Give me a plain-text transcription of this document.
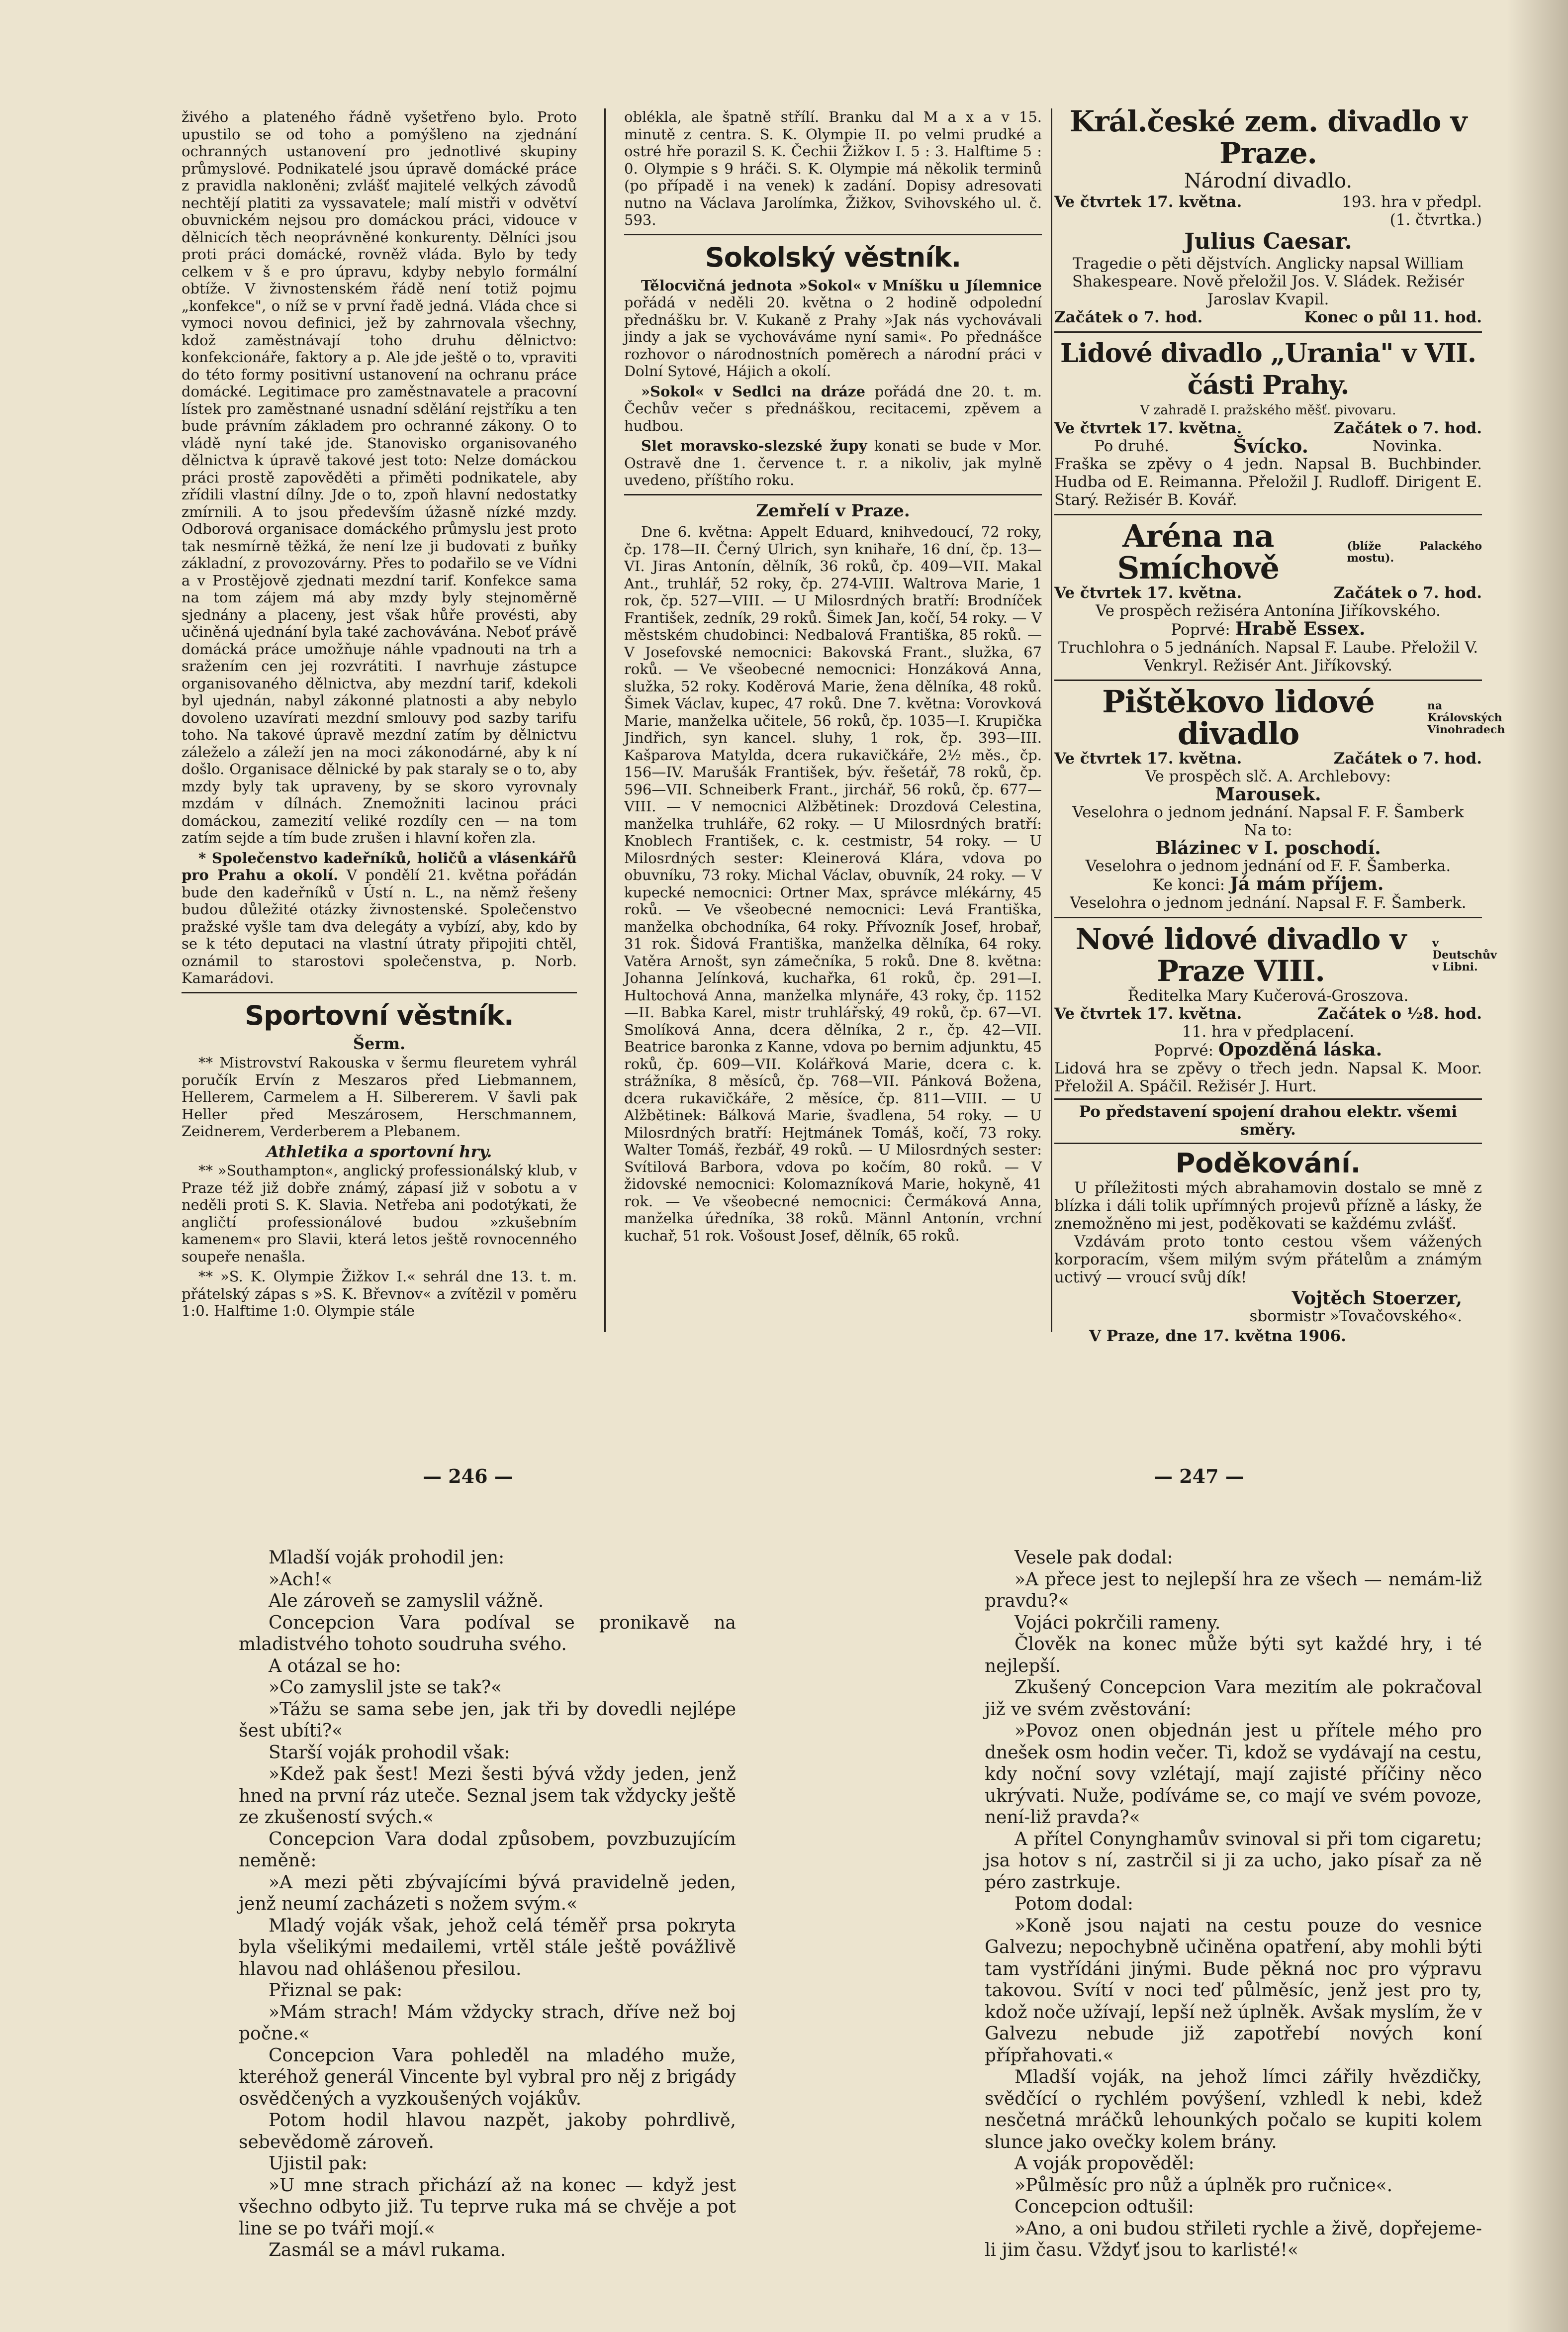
živého a plateného řádně vyšetřeno bylo. Proto upustilo se od toho a pomýšleno na zjednání ochranných ustanovení pro jednotlivé skupiny průmyslové. Podnikatelé jsou úpravě domácké práce z pravidla nakloněni; zvlášť majitelé velkých závodů nechtějí platiti za vyssavatele; malí mistři v odvětví obuvnickém nejsou pro domáckou práci, vidouce v dělnicích těch neoprávněné konkurenty. Dělníci jsou proti práci domácké, rovněž vláda. Bylo by tedy celkem v š e pro úpravu, kdyby nebylo formální obtíže. V živnostenském řádě není totiž pojmu „konfekce", o níž se v první řadě jedná. Vláda chce si vymoci novou definici, jež by zahrnovala všechny, kdož zaměstnávají toho druhu dělnictvo: konfekcionáře, faktory a p. Ale jde ještě o to, vpraviti do této formy positivní ustanovení na ochranu práce domácké. Legitimace pro zaměstnavatele a pracovní lístek pro zaměstnané usnadní sdělání rejstříku a ten bude právním základem pro ochranné zákony. O to vládě nyní také jde. Stanovisko organisovaného dělnictva k úpravě takové jest toto: Nelze domáckou práci prostě zapověděti a přiměti podnikatele, aby zřídili vlastní dílny. Jde o to, zpoň hlavní nedostatky zmírnili. A to jsou především úžasně nízké mzdy. Odborová organisace domáckého průmyslu jest proto tak nesmírně těžká, že není lze ji budovati z buňky základní, z provozovárny. Přes to podařilo se ve Vídni a v Prostějově zjednati mezdní tarif. Konfekce sama na tom zájem má aby mzdy byly stejnoměrně sjednány a placeny, jest však hůře provésti, aby učiněná ujednání byla také zachovávána. Neboť právě domácká práce umožňuje náhle vpadnouti na trh a sražením cen jej rozvrátiti. I navrhuje zástupce organisovaného dělnictva, aby mezdní tarif, kdekoli byl ujednán, nabyl zákonné platnosti a aby nebylo dovoleno uzavírati mezdní smlouvy pod sazby tarifu toho. Na takové úpravě mezdní zatím by dělnictvu záleželo a záleží jen na moci zákonodárné, aby k ní došlo. Organisace dělnické by pak staraly se o to, aby mzdy byly tak upraveny, by se skoro vyrovnaly mzdám v dílnách. Znemožniti lacinou práci domáckou, zamezití veliké rozdíly cen — na tom zatím sejde a tím bude zrušen i hlavní kořen zla.

* Společenstvo kadeřníků, holičů a vlásenkářů pro Prahu a okolí. V pondělí 21. května pořádán bude den kadeřníků v Ústí n. L., na němž řešeny budou důležité otázky živnostenské. Společenstvo pražské vyšle tam dva delegáty a vybízí, aby, kdo by se k této deputaci na vlastní útraty připojiti chtěl, oznámil to starostovi společenstva, p. Norb. Kamarádovi.

Sportovní věstník.
Šerm.

** Mistrovství Rakouska v šermu fleuretem vyhrál poručík Ervín z Meszaros před Liebmannem, Hellerem, Carmelem a H. Silbererem. V šavli pak Heller před Meszárosem, Herschmannem, Zeidnerem, Verderberem a Plebanem.

Athletika a sportovní hry.

** »Southampton«, anglický professionálský klub, v Praze též již dobře známý, zápasí již v sobotu a v neděli proti S. K. Slavia. Netřeba ani podotýkati, že angličtí professionálové budou »zkušebním kamenem« pro Slavii, která letos ještě rovnocenného soupeře nenašla.

** »S. K. Olympie Žižkov I.« sehrál dne 13. t. m. přátelský zápas s »S. K. Břevnov« a zvítězil v poměru 1:0. Halftime 1:0. Olympie stále

oblékla, ale špatně střílí. Branku dal M a x a v 15. minutě z centra. S. K. Olympie II. po velmi prudké a ostré hře porazil S. K. Čechii Žižkov I. 5 : 3. Halftime 5 : 0. Olympie s 9 hráči. S. K. Olympie má několik terminů (po případě i na venek) k zadání. Dopisy adresovati nutno na Václava Jarolímka, Žižkov, Svihovského ul. č. 593.

Sokolský věstník.

Tělocvičná jednota »Sokol« v Mníšku u Jílemnice pořádá v neděli 20. května o 2 hodině odpolední přednášku br. V. Kukaně z Prahy »Jak nás vychovávali jindy a jak se vychováváme nyní sami«. Po přednášce rozhovor o národnostních poměrech a národní práci v Dolní Sytové, Hájich a okolí.

»Sokol« v Sedlci na dráze pořádá dne 20. t. m. Čechův večer s přednáškou, recitacemi, zpěvem a hudbou.

Slet moravsko-slezské župy konati se bude v Mor. Ostravě dne 1. července t. r. a nikoliv, jak mylně uvedeno, příštího roku.

Zemřelí v Praze.

Dne 6. května: Appelt Eduard, knihvedoucí, 72 roky, čp. 178—II. Černý Ulrich, syn knihaře, 16 dní, čp. 13—VI. Jiras Antonín, dělník, 36 roků, čp. 409—VII. Makal Ant., truhlář, 52 roky, čp. 274-VIII. Waltrova Marie, 1 rok, čp. 527—VIII. — U Milosrdných bratří: Brodníček František, zedník, 29 roků. Šimek Jan, kočí, 54 roky. — V městském chudobinci: Nedbalová Františka, 85 roků. — V Josefovské nemocnici: Bakovská Frant., služka, 67 roků. — Ve všeobecné nemocnici: Honzáková Anna, služka, 52 roky. Koděrová Marie, žena dělníka, 48 roků. Šimek Václav, kupec, 47 roků. Dne 7. května: Vorovková Marie, manželka učitele, 56 roků, čp. 1035—I. Krupička Jindřich, syn kancel. sluhy, 1 rok, čp. 393—III. Kašparova Matylda, dcera rukavičkáře, 2½ měs., čp. 156—IV. Marušák František, býv. řešetář, 78 roků, čp. 596—VII. Schneiberk Frant., jirchář, 56 roků, čp. 677—VIII. — V nemocnici Alžbětinek: Drozdová Celestina, manželka truhláře, 62 roky. — U Milosrdných bratří: Knoblech František, c. k. cestmistr, 54 roky. — U Milosrdných sester: Kleinerová Klára, vdova po obuvníku, 73 roky. Michal Václav, obuvník, 24 roky. — V kupecké nemocnici: Ortner Max, správce mlékárny, 45 roků. — Ve všeobecné nemocnici: Levá Františka, manželka obchodníka, 64 roky. Přívozník Josef, hrobař, 31 rok. Šidová Františka, manželka dělníka, 64 roky. Vatěra Arnošt, syn zámečníka, 5 roků. Dne 8. května: Johanna Jelínková, kuchařka, 61 roků, čp. 291—I. Hultochová Anna, manželka mlynáře, 43 roky, čp. 1152—II. Babka Karel, mistr truhlářský, 49 roků, čp. 67—VI. Smolíková Anna, dcera dělníka, 2 r., čp. 42—VII. Beatrice baronka z Kanne, vdova po bernim adjunktu, 45 roků, čp. 609—VII. Kolářková Marie, dcera c. k. strážníka, 8 měsíců, čp. 768—VII. Pánková Božena, dcera rukavičkáře, 2 měsíce, čp. 811—VIII. — U Alžbětinek: Bálková Marie, švadlena, 54 roky. — U Milosrdných bratří: Hejtmánek Tomáš, kočí, 73 roky. Walter Tomáš, řezbář, 49 roků. — U Milosrdných sester: Svítilová Barbora, vdova po kočím, 80 roků. — V židovské nemocnici: Kolomazníková Marie, hokyně, 41 rok. — Ve všeobecné nemocnici: Čermáková Anna, manželka úředníka, 38 roků. Männl Antonín, vrchní kuchař, 51 rok. Vošoust Josef, dělník, 65 roků.

Král.české zem. divadlo v Praze.
Národní divadlo.
Ve čtvrtek 17. května.	193. hra v předpl.
(1. čtvrtka.)
Julius Caesar.
Tragedie o pěti dějstvích. Anglicky napsal William Shakespeare. Nově přeložil Jos. V. Sládek. Režisér Jaroslav Kvapil.
Začátek o 7. hod.	Konec o půl 11. hod.
Lidové divadlo „Urania" v VII. části Prahy.
V zahradě I. pražského měšť. pivovaru.
Ve čtvrtek 17. května.	Začátek o 7. hod.
Po druhé.	Švícko.	Novinka.
Fraška se zpěvy o 4 jedn. Napsal B. Buchbinder. Hudba od E. Reimanna. Přeložil J. Rudloff. Dirigent E. Starý. Režisér B. Kovář.
Aréna na Smíchově
(blíže Palackého mostu).
Ve čtvrtek 17. května.	Začátek o 7. hod.
Ve prospěch režiséra Antonína Jiříkovského.
Poprvé: Hrabě Essex.
Truchlohra o 5 jednáních. Napsal F. Laube. Přeložil V. Venkryl. Režisér Ant. Jiříkovský.
Pištěkovo lidové divadlo
na Královských Vinohradech
Ve čtvrtek 17. května.	Začátek o 7. hod.
Ve prospěch slč. A. Archlebovy:
Marousek.
Veselohra o jednom jednání. Napsal F. F. Šamberk
Na to:
Blázinec v I. poschodí.
Veselohra o jednom jednání od F. F. Šamberka.
Ke konci: Já mám příjem.
Veselohra o jednom jednání. Napsal F. F. Šamberk.
Nové lidové divadlo v Praze VIII.
v Deutschův v Libni.
Ředitelka Mary Kučerová-Groszova.
Ve čtvrtek 17. května.	Začátek o ½8. hod.
11. hra v předplacení.
Poprvé: Opozděná láska.
Lidová hra se zpěvy o třech jedn. Napsal K. Moor. Přeložil A. Spáčil. Režisér J. Hurt.
Po představení spojení drahou elektr. všemi směry.
Poděkování.

U příležitosti mých abrahamovin dostalo se mně z blízka i dáli tolik upřímných projevů přízně a lásky, že znemožněno mi jest, poděkovati se každému zvlášť.

Vzdávám proto tonto cestou všem vážených korporacím, všem milým svým přátelům a známým uctivý — vroucí svůj dík!

Vojtěch Stoerzer,
sbormistr »Tovačovského«.
V Praze, dne 17. května 1906.
— 246 —	— 247 —

Mladší voják prohodil jen:

»Ach!«

Ale zároveň se zamyslil vážně.

Concepcion Vara podíval se pronikavě na mladistvého tohoto soudruha svého.

A otázal se ho:

»Co zamyslil jste se tak?«

»Tážu se sama sebe jen, jak tři by dovedli nejlépe šest ubíti?«

Starší voják prohodil však:

»Kdež pak šest! Mezi šesti bývá vždy jeden, jenž hned na první ráz uteče. Seznal jsem tak vždycky ještě ze zkušeností svých.«

Concepcion Vara dodal způsobem, povzbuzujícím neměně:

»A mezi pěti zbývajícími bývá pravidelně jeden, jenž neumí zacházeti s nožem svým.«

Mladý voják však, jehož celá téměř prsa pokryta byla všelikými medailemi, vrtěl stále ještě povážlivě hlavou nad ohlášenou přesilou.

Přiznal se pak:

»Mám strach! Mám vždycky strach, dříve než boj počne.«

Concepcion Vara pohleděl na mladého muže, kteréhož generál Vincente byl vybral pro něj z brigády osvědčených a vyzkoušených vojákův.

Potom hodil hlavou nazpět, jakoby pohrdlivě, sebevědomě zároveň.

Ujistil pak:

»U mne strach přichází až na konec — když jest všechno odbyto již. Tu teprve ruka má se chvěje a pot line se po tváři mojí.«

Zasmál se a mávl rukama.

Vesele pak dodal:

»A přece jest to nejlepší hra ze všech — nemám-liž pravdu?«

Vojáci pokrčili rameny.

Člověk na konec může býti syt každé hry, i té nejlepší.

Zkušený Concepcion Vara mezitím ale pokračoval již ve svém zvěstování:

»Povoz onen objednán jest u přítele mého pro dnešek osm hodin večer. Ti, kdož se vydávají na cestu, kdy noční sovy vzlétají, mají zajisté příčiny něco ukrývati. Nuže, podíváme se, co mají ve svém povoze, není-liž pravda?«

A přítel Conynghamův svinoval si při tom cigaretu; jsa hotov s ní, zastrčil si ji za ucho, jako písař za ně péro zastrkuje.

Potom dodal:

»Koně jsou najati na cestu pouze do vesnice Galvezu; nepochybně učiněna opatření, aby mohli býti tam vystřídáni jinými. Bude pěkná noc pro výpravu takovou. Svítí v noci teď půlměsíc, jenž jest pro ty, kdož noče užívají, lepší než úplněk. Avšak myslím, že v Galvezu nebude již zapotřebí nových koní přípřahovati.«

Mladší voják, na jehož límci zářily hvězdičky, svědčící o rychlém povýšení, vzhledl k nebi, kdež nesčetná mráčků lehounkých počalo se kupiti kolem slunce jako ovečky kolem brány.

A voják propověděl:

»Půlměsíc pro nůž a úplněk pro ručnice«.

Concepcion odtušil:

»Ano, a oni budou střileti rychle a živě, dopřejeme-li jim času. Vždyť jsou to karlisté!«
